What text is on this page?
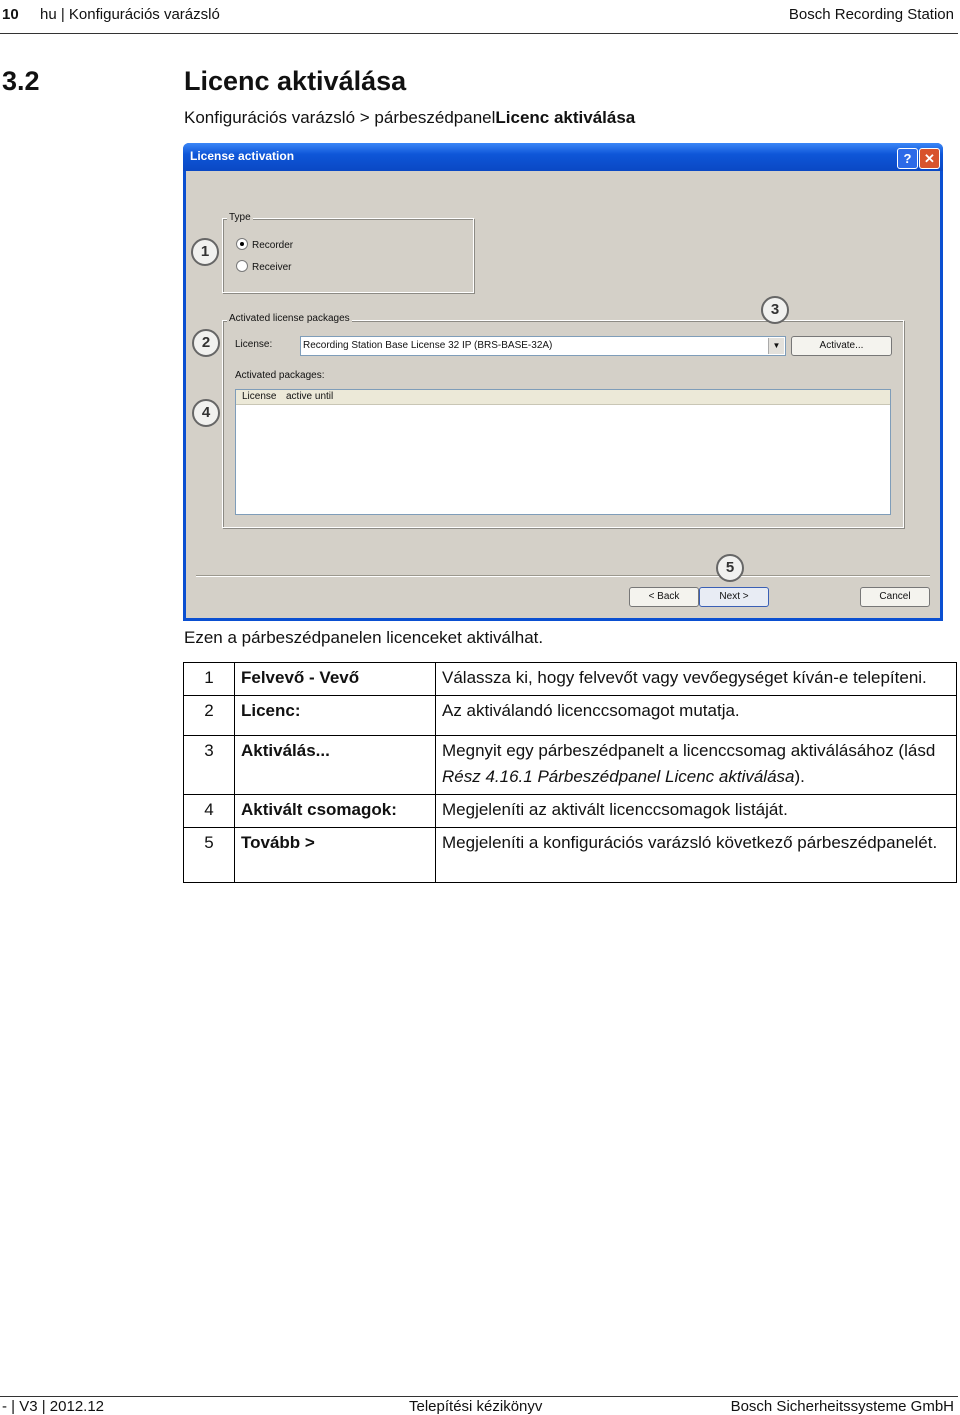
10 hu | Konfigurációs varázsló	Bosch Recording Station
3.2	Licenc aktiválása
Konfigurációs varázsló > párbeszédpanelLicenc aktiválása
License activation	? ✕
Type
Recorder
Receiver
Activated license packages
License:	Recording Station Base License 32 IP (BRS-BASE-32A)	▼	Activate...
Activated packages:
License active until
< Back	Next >	Cancel
1
2
3
4
5
Ezen a párbeszédpanelen licenceket aktiválhat.
1	Felvevő - Vevő	Válassza ki, hogy felvevőt vagy vevőegységet kíván-e telepíteni.
2	Licenc:	Az aktiválandó licenccsomagot mutatja.
3	Aktiválás...	Megnyit egy párbeszédpanelt a licenccsomag aktiválásához (lásd Rész 4.16.1 Párbeszédpanel Licenc aktiválása).
4	Aktivált csomagok:	Megjeleníti az aktivált licenccsomagok listáját.
5	Tovább >	Megjeleníti a konfigurációs varázsló következő párbeszédpanelét.
- | V3 | 2012.12	Telepítési kézikönyv	Bosch Sicherheitssysteme GmbH
